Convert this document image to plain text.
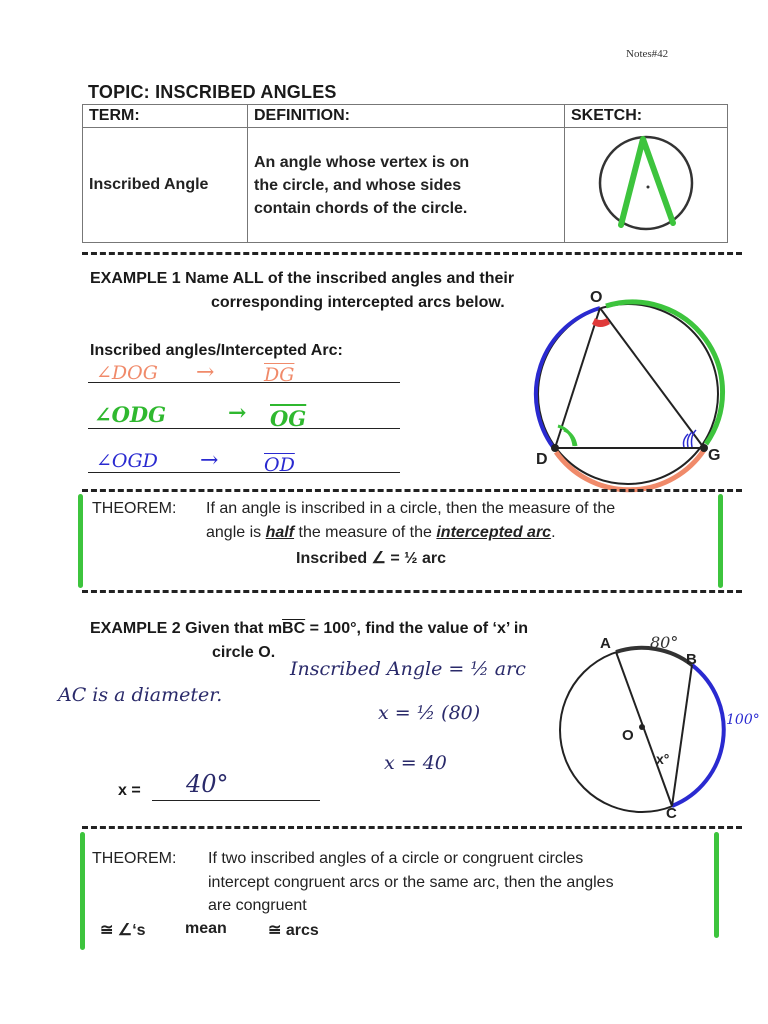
Notes#42
TOPIC: INSCRIBED ANGLES
TERM:	DEFINITION:	SKETCH:
Inscribed Angle	An angle whose vertex is on
the circle, and whose sides
contain chords of the circle.

EXAMPLE 1 Name ALL of the inscribed angles and their
corresponding intercepted arcs below.
Inscribed angles/Intercepted Arc:
∠DOG →	$\overline{DG}$
∠ODG	→ $\overline{OG}$
∠OGD → $\overline{OD}$
O
D	G
THEOREM: If an angle is inscribed in a circle, then the measure of the
angle is half the measure of the intercepted arc.
Inscribed ∠ = ½ arc
EXAMPLE 2 Given that $m\overline{BC} = 100^\circ$, find the value of ‘x’ in
circle O.
AC is a diameter.
Inscribed Angle = ½ arc
x = ½ (80)
x = 40
x = 40°
A
B
C
O
x°
80°
100°
THEOREM: If two inscribed angles of a circle or congruent circles
intercept congruent arcs or the same arc, then the angles
are congruent
≅ ∠‘s mean	≅ arcs
